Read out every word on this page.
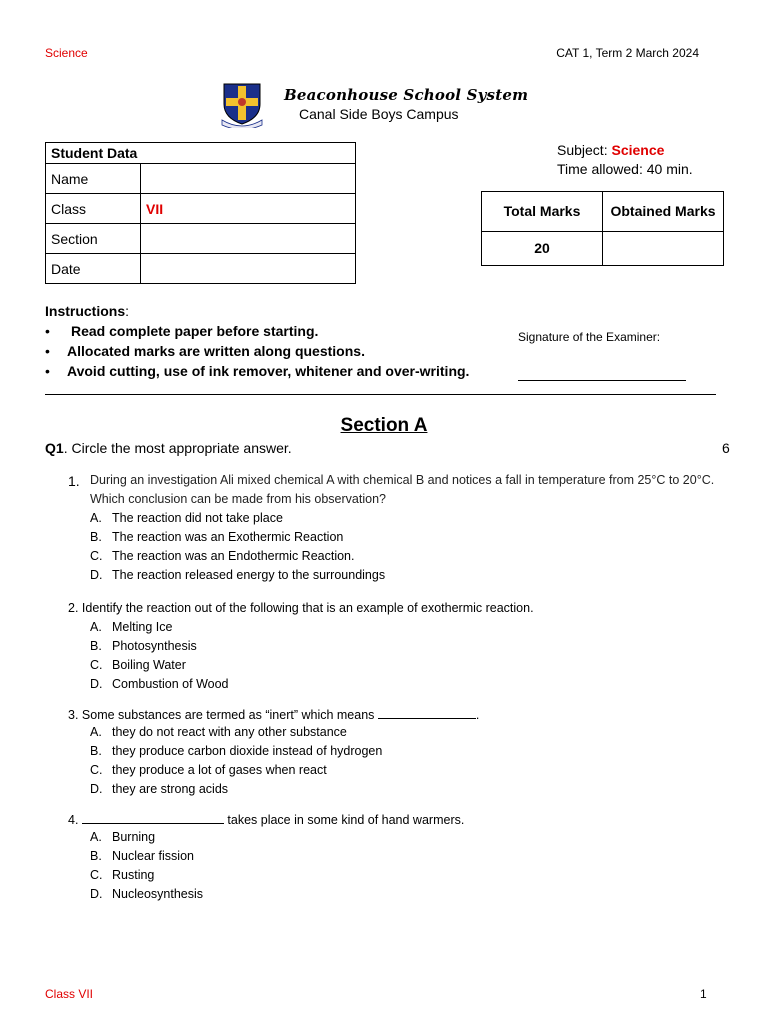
Science	CAT 1, Term 2 March 2024
Beaconhouse School System
Canal Side Boys Campus
Student Data	
Name	
Class	VII
Section	
Date	
Subject: Science
Time allowed: 40 min.
Total Marks	Obtained Marks
20	
Instructions:
• Read complete paper before starting.
• Allocated marks are written along questions.
• Avoid cutting, use of ink remover, whitener and over-writing.
Signature of the Examiner:
Section A
Q1. Circle the most appropriate answer.	6
1. During an investigation Ali mixed chemical A with chemical B and notices a fall in temperature from 25°C to 20°C. Which conclusion can be made from his observation?
A. The reaction did not take place
B. The reaction was an Exothermic Reaction
C. The reaction was an Endothermic Reaction.
D. The reaction released energy to the surroundings
2. Identify the reaction out of the following that is an example of exothermic reaction.
A. Melting Ice
B. Photosynthesis
C. Boiling Water
D. Combustion of Wood
3. Some substances are termed as “inert” which means	.
A. they do not react with any other substance
B. they produce carbon dioxide instead of hydrogen
C. they produce a lot of gases when react
D. they are strong acids
4.	takes place in some kind of hand warmers.
A. Burning
B. Nuclear fission
C. Rusting
D. Nucleosynthesis
Class VII	1
